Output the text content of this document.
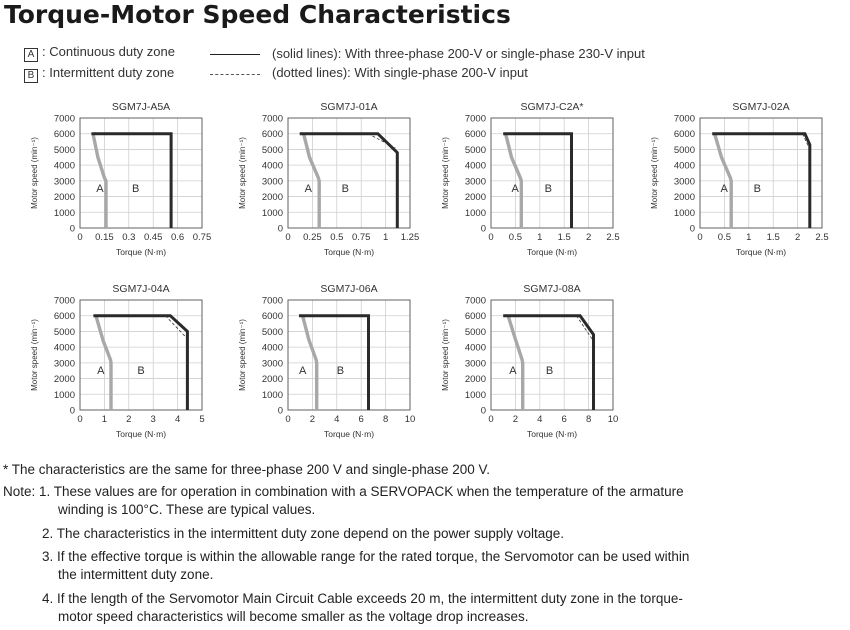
Torque-Motor Speed Characteristics
A : Continuous duty zone
B : Intermittent duty zone
(solid lines): With three-phase 200-V or single-phase 230-V input
(dotted lines): With single-phase 200-V input
SGM7J-A5A
0
1000
2000
3000
4000
5000
6000
7000
0 0.15 0.3 0.45 0.6 0.75
Torque (N·m)
Motor speed (min⁻¹)	A	B
SGM7J-01A
0
1000
2000
3000
4000
5000
6000
7000
0 0.25 0.5 0.75 1 1.25
Torque (N·m)
Motor speed (min⁻¹)	A	B
SGM7J-C2A*
0
1000
2000
3000
4000
5000
6000
7000
0 0.5 1 1.5 2 2.5
Torque (N·m)
Motor speed (min⁻¹)	A B
SGM7J-02A
0
1000
2000
3000
4000
5000
6000
7000
0 0.5 1 1.5 2 2.5
Torque (N·m)
Motor speed (min⁻¹)	A B
SGM7J-04A
0
1000
2000
3000
4000
5000
6000
7000
0 1 2 3 4 5
Torque (N·m)
Motor speed (min⁻¹)	A	B
SGM7J-06A
0
1000
2000
3000
4000
5000
6000
7000
0 2 4 6 8 10
Torque (N·m)
Motor speed (min⁻¹)	A	B
SGM7J-08A
0
1000
2000
3000
4000
5000
6000
7000
0 2 4 6 8 10
Torque (N·m)
Motor speed (min⁻¹)	A	B
* The characteristics are the same for three-phase 200 V and single-phase 200 V.
Note: 1. These values are for operation in combination with a SERVOPACK when the temperature of the armature
winding is 100°C. These are typical values.
2. The characteristics in the intermittent duty zone depend on the power supply voltage.
3. If the effective torque is within the allowable range for the rated torque, the Servomotor can be used within
the intermittent duty zone.
4. If the length of the Servomotor Main Circuit Cable exceeds 20 m, the intermittent duty zone in the torque-
motor speed characteristics will become smaller as the voltage drop increases.
